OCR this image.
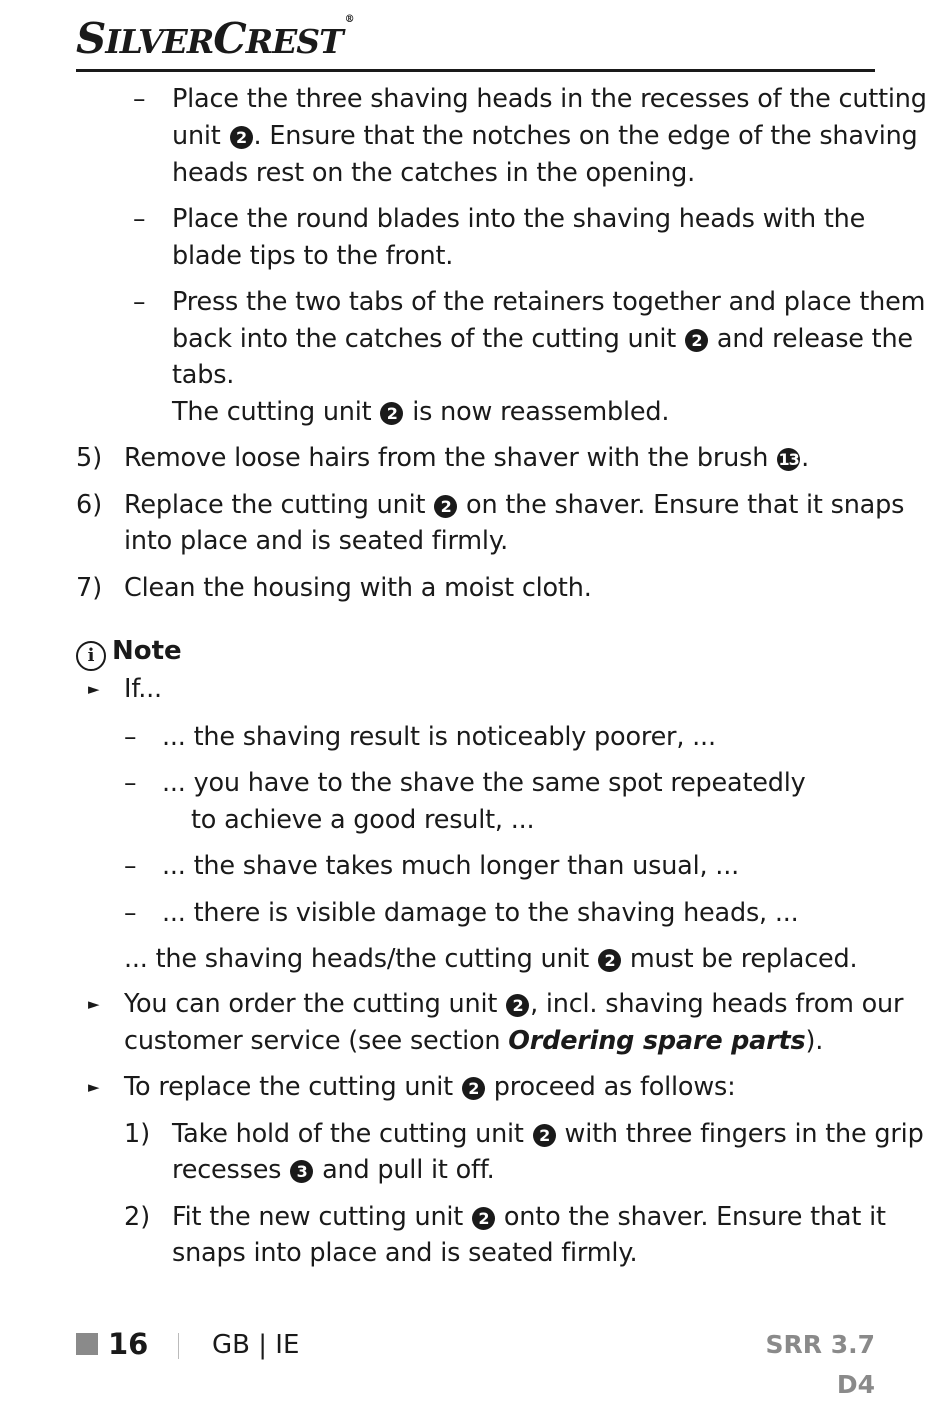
SILVERCREST®
– Place the three shaving heads in the recesses of the cutting
unit 2 . Ensure that the notches on the edge of the shaving
heads rest on the catches in the opening.
– Place the round blades into the shaving heads with the
blade tips to the front.
– Press the two tabs of the retainers together and place them
back into the catches of the cutting unit 2 and release the
tabs.
The cutting unit 2 is now reassembled.
5) Remove loose hairs from the shaver with the brush 13.
6) Replace the cutting unit 2 on the shaver. Ensure that it snaps
into place and is seated firmly.
7) Clean the housing with a moist cloth.
i Note
► If...
– ... the shaving result is noticeably poorer, ...
– ... you have to the shave the same spot repeatedly
to achieve a good result, ...
– ... the shave takes much longer than usual, ...
– ... there is visible damage to the shaving heads, ...
... the shaving heads/the cutting unit 2 must be replaced.
► You can order the cutting unit 2 , incl. shaving heads from our
customer service (see section Ordering spare parts).
► To replace the cutting unit 2 proceed as follows:
1) Take hold of the cutting unit 2 with three fingers in the grip
recesses 3 and pull it off.
2) Fit the new cutting unit 2 onto the shaver. Ensure that it
snaps into place and is seated firmly.
16 GB | IE	SRR 3.7 D4
